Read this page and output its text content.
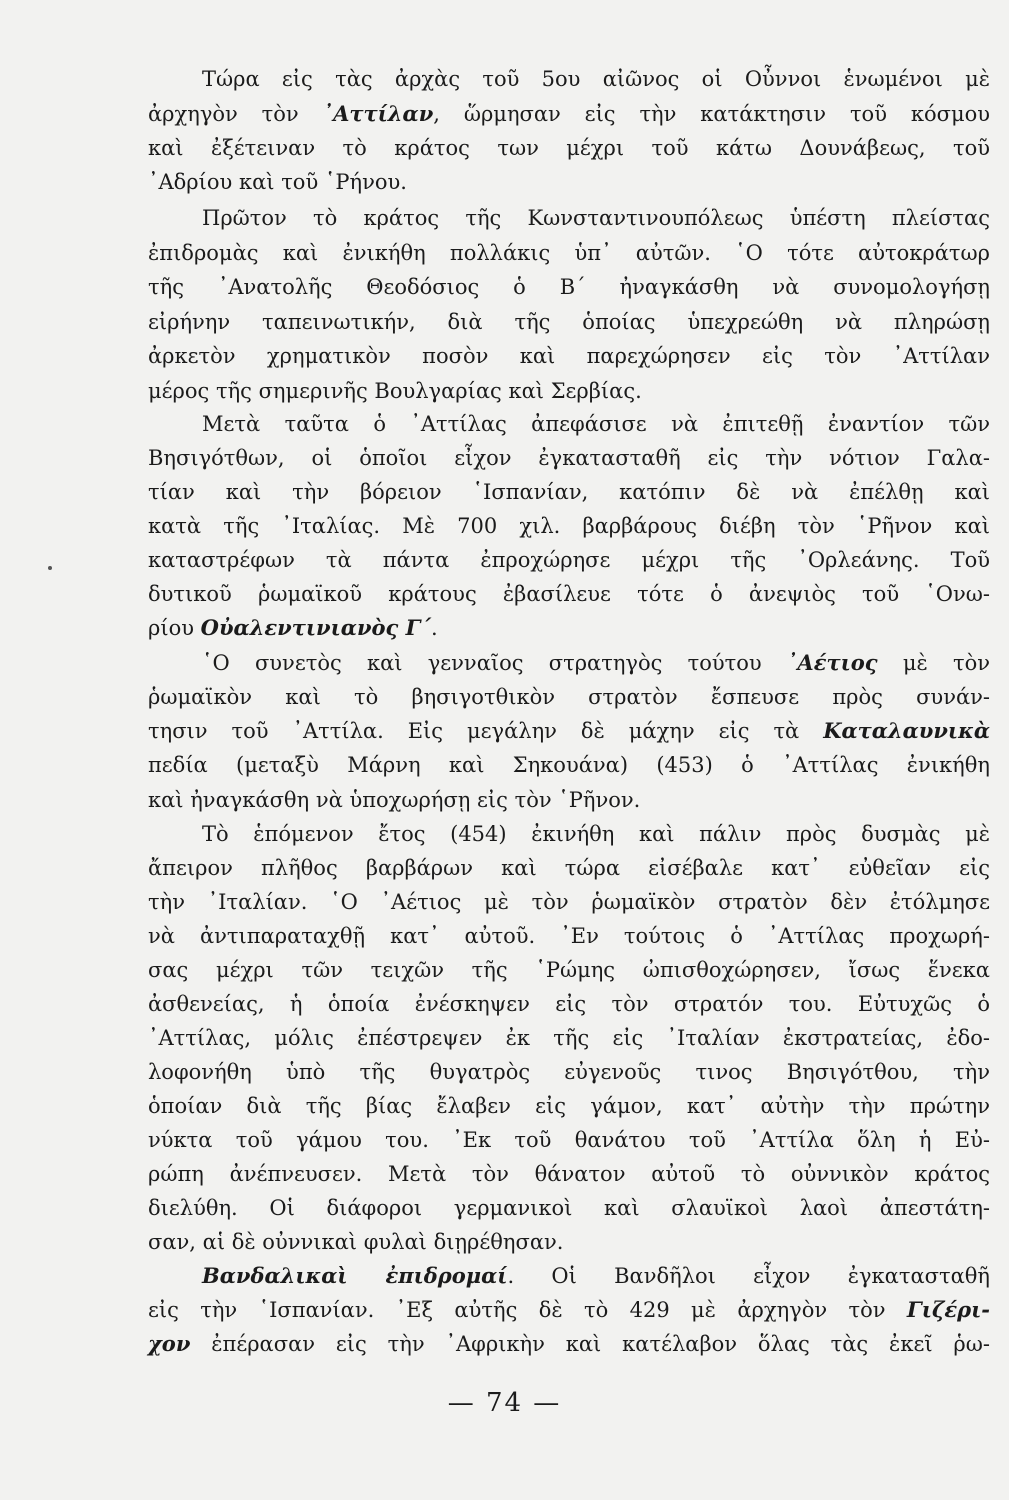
Τώρα εἰς τὰς ἀρχὰς τοῦ 5ου αἰῶνος οἱ Οὖννοι ἑνωμένοι μὲ
ἀρχηγὸν τὸν ᾿Αττίλαν, ὥρμησαν εἰς τὴν κατάκτησιν τοῦ κόσμου
καὶ ἐξέτειναν τὸ κράτος των μέχρι τοῦ κάτω Δουνάβεως, τοῦ
᾿Αδρίου καὶ τοῦ ῾Ρήνου.
Πρῶτον τὸ κράτος τῆς Κωνσταντινουπόλεως ὑπέστη πλείστας
ἐπιδρομὰς καὶ ἐνικήθη πολλάκις ὑπ᾿ αὐτῶν. ῾Ο τότε αὐτοκράτωρ
τῆς ᾿Ανατολῆς Θεοδόσιος ὁ Β΄ ἠναγκάσθη νὰ συνομολογήσῃ
εἰρήνην ταπεινωτικήν, διὰ τῆς ὁποίας ὑπεχρεώθη νὰ πληρώσῃ
ἀρκετὸν χρηματικὸν ποσὸν καὶ παρεχώρησεν εἰς τὸν ᾿Αττίλαν
μέρος τῆς σημερινῆς Βουλγαρίας καὶ Σερβίας.
Μετὰ ταῦτα ὁ ᾿Αττίλας ἀπεφάσισε νὰ ἐπιτεθῇ ἐναντίον τῶν
Βησιγότθων, οἱ ὁποῖοι εἶχον ἐγκατασταθῆ εἰς τὴν νότιον Γαλα-
τίαν καὶ τὴν βόρειον ῾Ισπανίαν, κατόπιν δὲ νὰ ἐπέλθῃ καὶ
κατὰ τῆς ᾿Ιταλίας. Μὲ 700 χιλ. βαρβάρους διέβη τὸν ῾Ρῆνον καὶ
καταστρέφων τὰ πάντα ἐπροχώρησε μέχρι τῆς ᾿Ορλεάνης. Τοῦ
δυτικοῦ ῥωμαϊκοῦ κράτους ἐβασίλευε τότε ὁ ἀνεψιὸς τοῦ ῾Ονω-
ρίου Οὐαλεντινιανὸς Γ΄.
῾Ο συνετὸς καὶ γενναῖος στρατηγὸς τούτου ᾿Αέτιος μὲ τὸν
ῥωμαϊκὸν καὶ τὸ βησιγοτθικὸν στρατὸν ἔσπευσε πρὸς συνάν-
τησιν τοῦ ᾿Αττίλα. Εἰς μεγάλην δὲ μάχην εἰς τὰ Καταλαυνικὰ
πεδία (μεταξὺ Μάρνη καὶ Σηκουάνα) (453) ὁ ᾿Αττίλας ἐνικήθη
καὶ ἠναγκάσθη νὰ ὑποχωρήσῃ εἰς τὸν ῾Ρῆνον.
Τὸ ἑπόμενον ἔτος (454) ἐκινήθη καὶ πάλιν πρὸς δυσμὰς μὲ
ἄπειρον πλῆθος βαρβάρων καὶ τώρα εἰσέβαλε κατ᾿ εὐθεῖαν εἰς
τὴν ᾿Ιταλίαν. ῾Ο ᾿Αέτιος μὲ τὸν ῥωμαϊκὸν στρατὸν δὲν ἐτόλμησε
νὰ ἀντιπαραταχθῇ κατ᾿ αὐτοῦ. ᾿Εν τούτοις ὁ ᾿Αττίλας προχωρή-
σας μέχρι τῶν τειχῶν τῆς ῾Ρώμης ὠπισθοχώρησεν, ἴσως ἕνεκα
ἀσθενείας, ἡ ὁποία ἐνέσκηψεν εἰς τὸν στρατόν του. Εὐτυχῶς ὁ
᾿Αττίλας, μόλις ἐπέστρεψεν ἐκ τῆς εἰς ᾿Ιταλίαν ἐκστρατείας, ἐδο-
λοφονήθη ὑπὸ τῆς θυγατρὸς εὐγενοῦς τινος Βησιγότθου, τὴν
ὁποίαν διὰ τῆς βίας ἔλαβεν εἰς γάμον, κατ᾿ αὐτὴν τὴν πρώτην
νύκτα τοῦ γάμου του. ᾿Εκ τοῦ θανάτου τοῦ ᾿Αττίλα ὅλη ἡ Εὐ-
ρώπη ἀνέπνευσεν. Μετὰ τὸν θάνατον αὐτοῦ τὸ οὐννικὸν κράτος
διελύθη. Οἱ διάφοροι γερμανικοὶ καὶ σλαυϊκοὶ λαοὶ ἀπεστάτη-
σαν, αἱ δὲ οὐννικαὶ φυλαὶ διῃρέθησαν.
Βανδαλικαὶ ἐπιδρομαί. Οἱ Βανδῆλοι εἶχον ἐγκατασταθῆ
εἰς τὴν ῾Ισπανίαν. ᾿Εξ αὐτῆς δὲ τὸ 429 μὲ ἀρχηγὸν τὸν Γιζέρι-
χον ἐπέρασαν εἰς τὴν ᾿Αφρικὴν καὶ κατέλαβον ὅλας τὰς ἐκεῖ ῥω-
— 74 —
